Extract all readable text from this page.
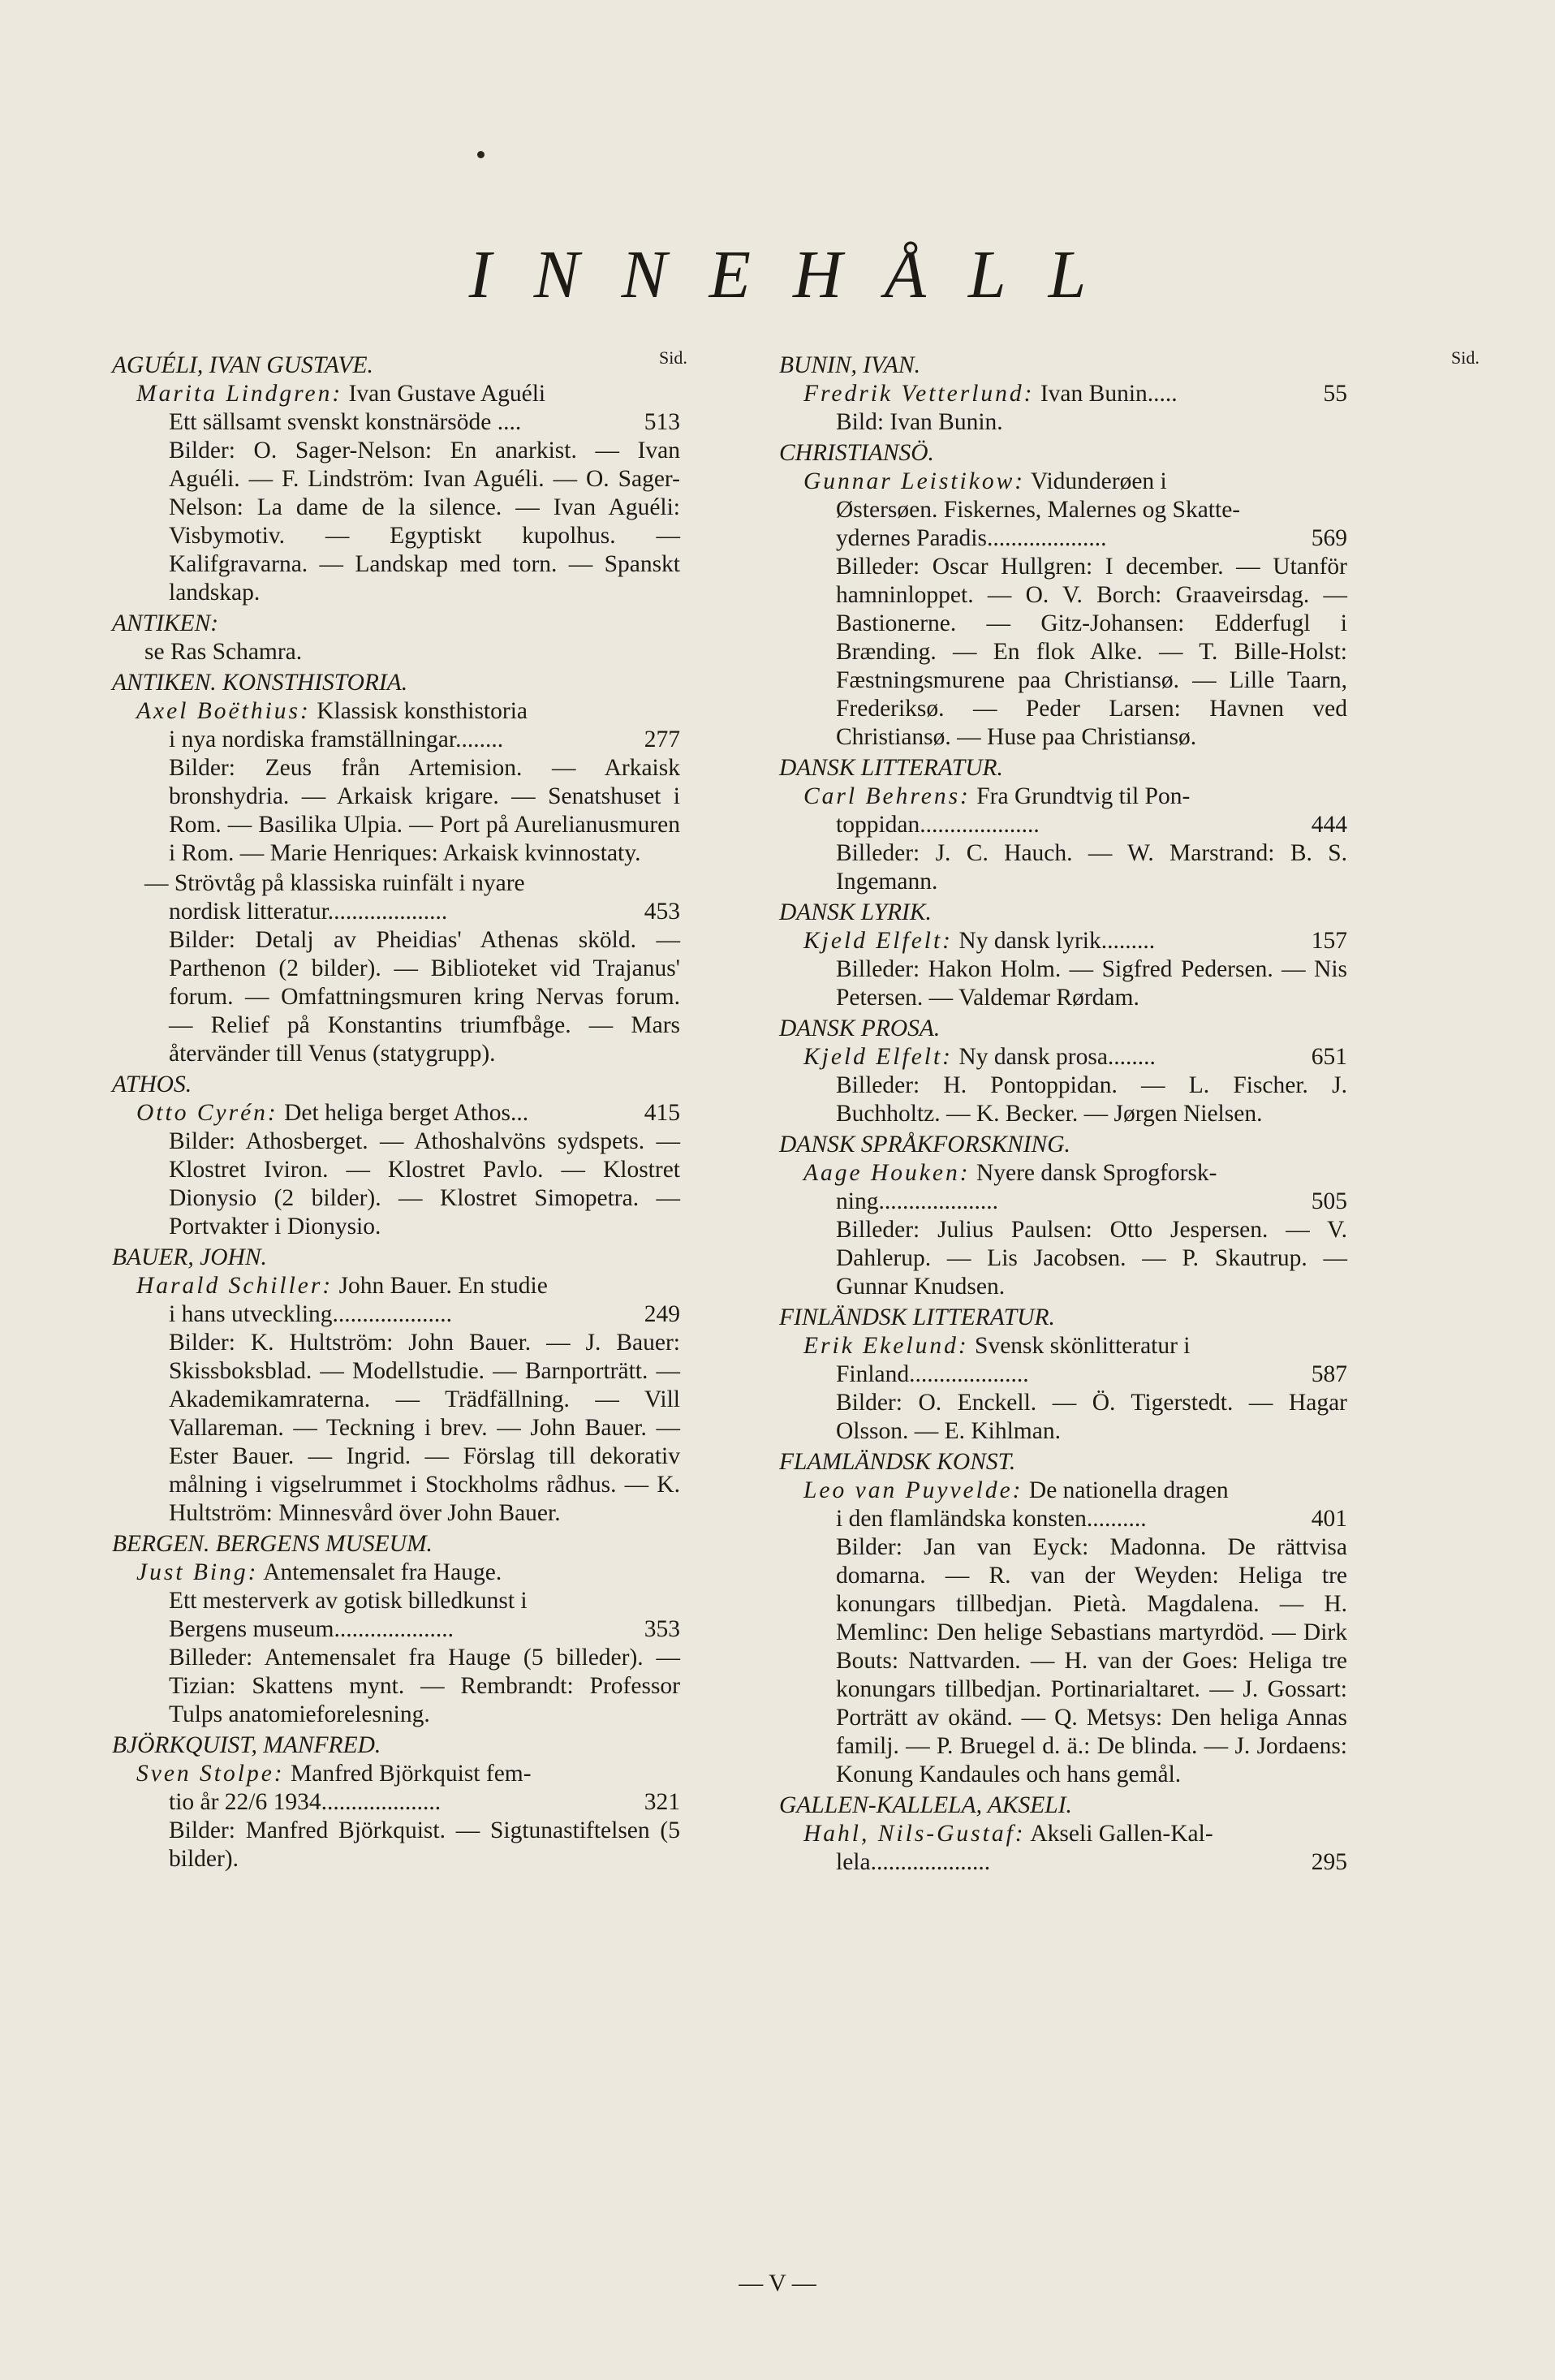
INNEHÅLL
Sid.	Sid.
AGUÉLI, IVAN GUSTAVE.
Marita Lindgren: Ivan Gustave Aguéli
Ett sällsamt svenskt konstnärsöde ....	513
Bilder: O. Sager-Nelson: En anarkist. — Ivan Aguéli. — F. Lindström: Ivan Aguéli. — O. Sager-Nelson: La dame de la silence. — Ivan Aguéli: Visbymotiv. — Egyptiskt kupolhus. — Kalifgravarna. — Landskap med torn. — Spanskt landskap.
ANTIKEN:
se Ras Schamra.
ANTIKEN. KONSTHISTORIA.
Axel Boëthius: Klassisk konsthistoria
i nya nordiska framställningar........	277
Bilder: Zeus från Artemision. — Arkaisk bronshydria. — Arkaisk krigare. — Senatshuset i Rom. — Basilika Ulpia. — Port på Aurelianusmuren i Rom. — Marie Henriques: Arkaisk kvinnostaty.
— Strövtåg på klassiska ruinfält i nyare
nordisk litteratur....................	453
Bilder: Detalj av Pheidias' Athenas sköld. — Parthenon (2 bilder). — Biblioteket vid Trajanus' forum. — Omfattningsmuren kring Nervas forum. — Relief på Konstantins triumfbåge. — Mars återvänder till Venus (statygrupp).
ATHOS.
Otto Cyrén: Det heliga berget Athos...	415
Bilder: Athosberget. — Athoshalvöns sydspets. — Klostret Iviron. — Klostret Pavlo. — Klostret Dionysio (2 bilder). — Klostret Simopetra. — Portvakter i Dionysio.
BAUER, JOHN.
Harald Schiller: John Bauer. En studie
i hans utveckling....................	249
Bilder: K. Hultström: John Bauer. — J. Bauer: Skissboksblad. — Modellstudie. — Barnporträtt. — Akademikamraterna. — Trädfällning. — Vill Vallareman. — Teckning i brev. — John Bauer. — Ester Bauer. — Ingrid. — Förslag till dekorativ målning i vigselrummet i Stockholms rådhus. — K. Hultström: Minnesvård över John Bauer.
BERGEN. BERGENS MUSEUM.
Just Bing: Antemensalet fra Hauge.
Ett mesterverk av gotisk billedkunst i
Bergens museum....................	353
Billeder: Antemensalet fra Hauge (5 billeder). — Tizian: Skattens mynt. — Rembrandt: Professor Tulps anatomieforelesning.
BJÖRKQUIST, MANFRED.
Sven Stolpe: Manfred Björkquist fem-
tio år 22/6 1934....................	321
Bilder: Manfred Björkquist. — Sigtunastiftelsen (5 bilder).
BUNIN, IVAN.
Fredrik Vetterlund: Ivan Bunin.....	55
Bild: Ivan Bunin.
CHRISTIANSÖ.
Gunnar Leistikow: Vidunderøen i
Østersøen. Fiskernes, Malernes og Skatte-
ydernes Paradis....................	569
Billeder: Oscar Hullgren: I december. — Utanför hamninloppet. — O. V. Borch: Graaveirsdag. — Bastionerne. — Gitz-Johansen: Edderfugl i Brænding. — En flok Alke. — T. Bille-Holst: Fæstningsmurene paa Christiansø. — Lille Taarn, Frederiksø. — Peder Larsen: Havnen ved Christiansø. — Huse paa Christiansø.
DANSK LITTERATUR.
Carl Behrens: Fra Grundtvig til Pon-
toppidan....................	444
Billeder: J. C. Hauch. — W. Marstrand: B. S. Ingemann.
DANSK LYRIK.
Kjeld Elfelt: Ny dansk lyrik.........	157
Billeder: Hakon Holm. — Sigfred Pedersen. — Nis Petersen. — Valdemar Rørdam.
DANSK PROSA.
Kjeld Elfelt: Ny dansk prosa........	651
Billeder: H. Pontoppidan. — L. Fischer. J. Buchholtz. — K. Becker. — Jørgen Nielsen.
DANSK SPRÅKFORSKNING.
Aage Houken: Nyere dansk Sprogforsk-
ning....................	505
Billeder: Julius Paulsen: Otto Jespersen. — V. Dahlerup. — Lis Jacobsen. — P. Skautrup. — Gunnar Knudsen.
FINLÄNDSK LITTERATUR.
Erik Ekelund: Svensk skönlitteratur i
Finland....................	587
Bilder: O. Enckell. — Ö. Tigerstedt. — Hagar Olsson. — E. Kihlman.
FLAMLÄNDSK KONST.
Leo van Puyvelde: De nationella dragen
i den flamländska konsten..........	401
Bilder: Jan van Eyck: Madonna. De rättvisa domarna. — R. van der Weyden: Heliga tre konungars tillbedjan. Pietà. Magdalena. — H. Memlinc: Den helige Sebastians martyrdöd. — Dirk Bouts: Nattvarden. — H. van der Goes: Heliga tre konungars tillbedjan. Portinarialtaret. — J. Gossart: Porträtt av okänd. — Q. Metsys: Den heliga Annas familj. — P. Bruegel d. ä.: De blinda. — J. Jordaens: Konung Kandaules och hans gemål.
GALLEN-KALLELA, AKSELI.
Hahl, Nils-Gustaf: Akseli Gallen-Kal-
lela....................	295
— V —
